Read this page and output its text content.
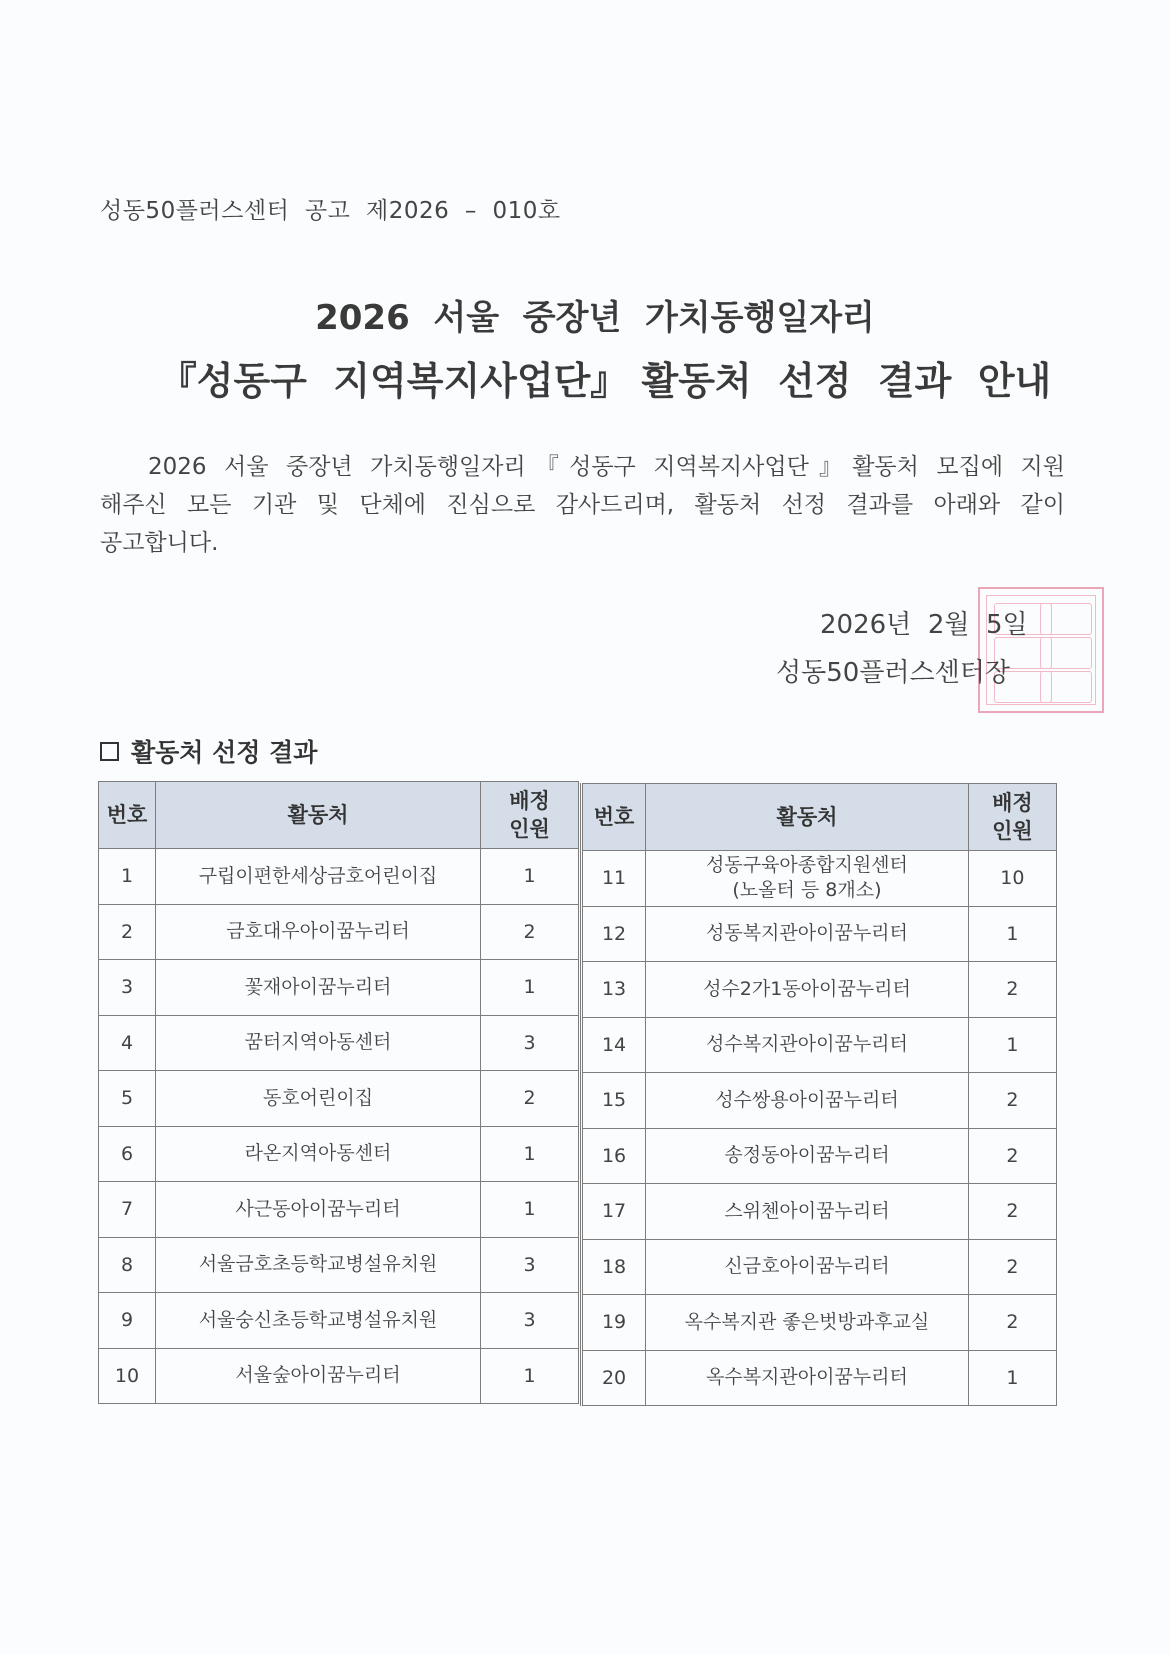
성동50플러스센터  공고  제2026  –  010호
2026  서울  중장년  가치동행일자리
『성동구  지역복지사업단』 활동처  선정  결과  안내
2026 서울 중장년 가치동행일자리『성동구 지역복지사업단』활동처 모집에 지원
해주신 모든 기관 및 단체에 진심으로 감사드리며, 활동처 선정 결과를 아래와 같이
공고합니다.
2026년  2월  5일
성동50플러스센터장
활동처 선정 결과
번호	활동처	배정
인원
1	구립이편한세상금호어린이집	1
2	금호대우아이꿈누리터	2
3	꽃재아이꿈누리터	1
4	꿈터지역아동센터	3
5	동호어린이집	2
6	라온지역아동센터	1
7	사근동아이꿈누리터	1
8	서울금호초등학교병설유치원	3
9	서울숭신초등학교병설유치원	3
10	서울숲아이꿈누리터	1
번호	활동처	배정
인원
11	성동구육아종합지원센터
(노올터 등 8개소)	10
12	성동복지관아이꿈누리터	1
13	성수2가1동아이꿈누리터	2
14	성수복지관아이꿈누리터	1
15	성수쌍용아이꿈누리터	2
16	송정동아이꿈누리터	2
17	스위첸아이꿈누리터	2
18	신금호아이꿈누리터	2
19	옥수복지관 좋은벗방과후교실	2
20	옥수복지관아이꿈누리터	1
